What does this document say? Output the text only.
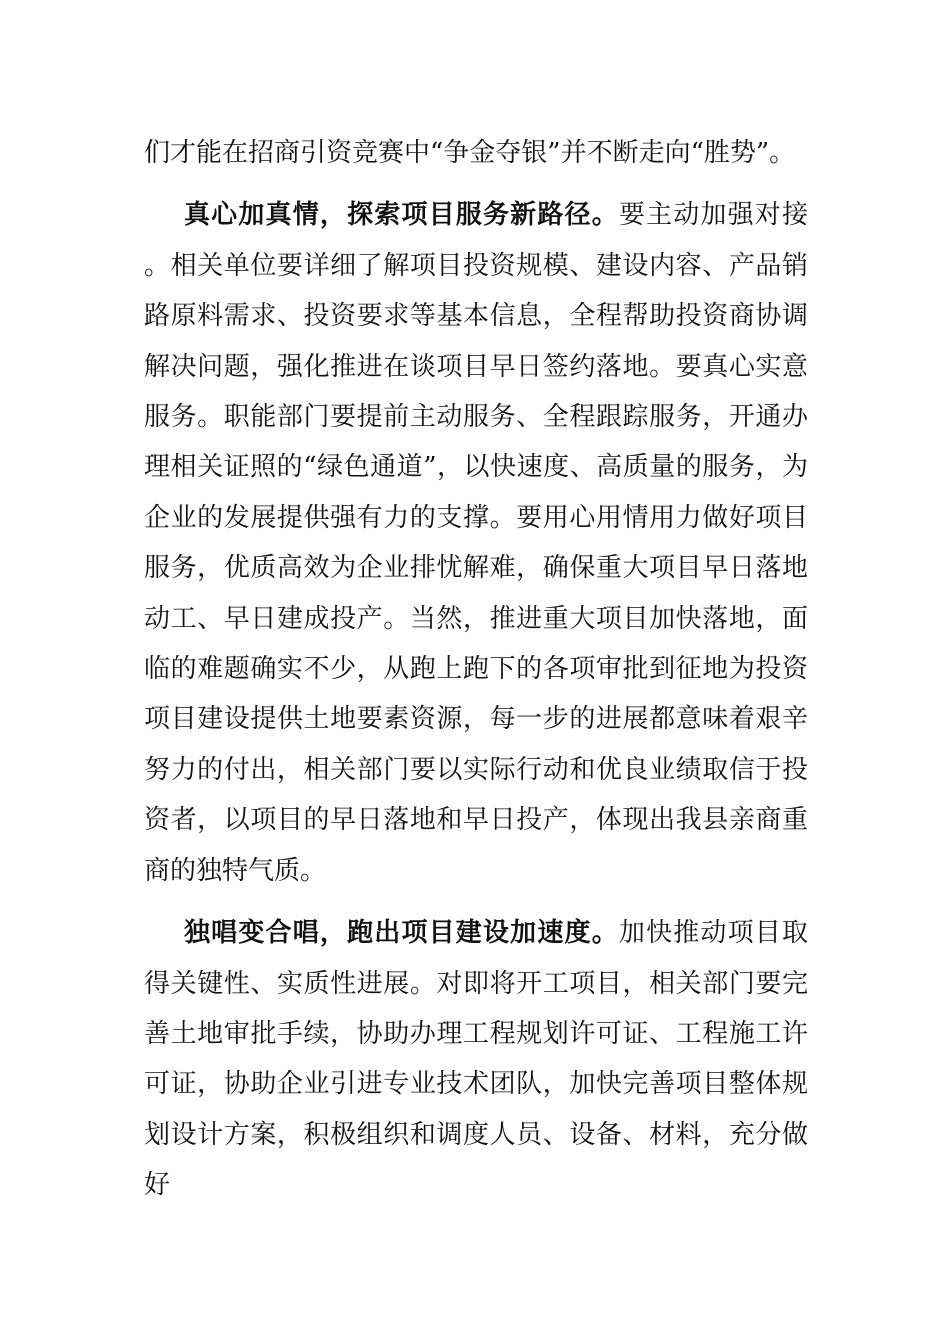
们才能在招商引资竞赛中“争金夺银”并不断走向“胜势”。

真心加真情，探索项目服务新路径。要主动加强对接。相关单位要详细了解项目投资规模、建设内容、产品销路原料需求、投资要求等基本信息，全程帮助投资商协调解决问题，强化推进在谈项目早日签约落地。要真心实意服务。职能部门要提前主动服务、全程跟踪服务，开通办理相关证照的“绿色通道”，以快速度、高质量的服务，为企业的发展提供强有力的支撑。要用心用情用力做好项目服务，优质高效为企业排忧解难，确保重大项目早日落地动工、早日建成投产。当然，推进重大项目加快落地，面临的难题确实不少，从跑上跑下的各项审批到征地为投资项目建设提供土地要素资源，每一步的进展都意味着艰辛努力的付出，相关部门要以实际行动和优良业绩取信于投资者，以项目的早日落地和早日投产，体现出我县亲商重商的独特气质。

独唱变合唱，跑出项目建设加速度。加快推动项目取得关键性、实质性进展。对即将开工项目，相关部门要完善土地审批手续，协助办理工程规划许可证、工程施工许可证，协助企业引进专业技术团队，加快完善项目整体规划设计方案，积极组织和调度人员、设备、材料，充分做好
